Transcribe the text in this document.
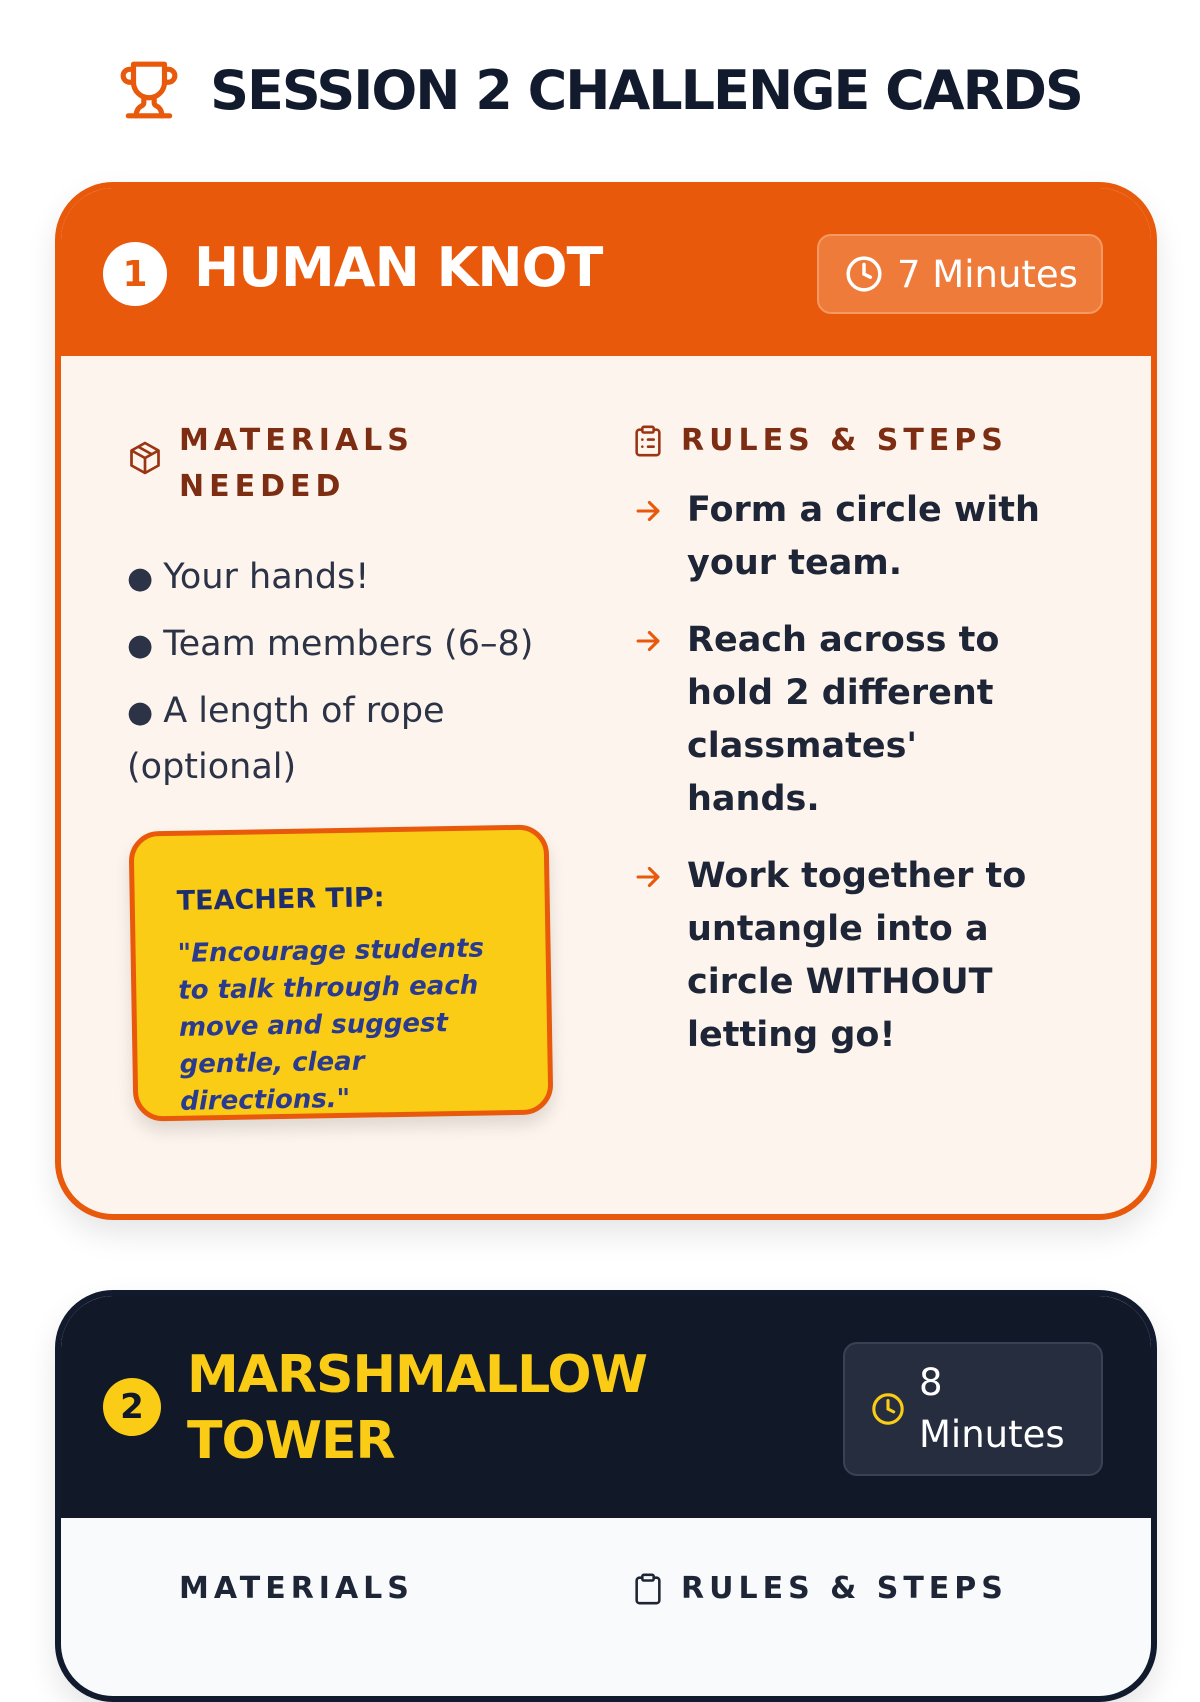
SESSION 2 CHALLENGE CARDS
1 HUMAN KNOT	7 Minutes
MATERIALS NEEDED
● Your hands!
● Team members (6–8)
● A length of rope (optional)
TEACHER TIP:
"Encourage students to talk through each move and suggest gentle, clear directions."
RULES & STEPS
Form a circle with your team.
Reach across to hold 2 different classmates' hands.
Work together to untangle into a circle WITHOUT letting go!
2
MARSHMALLOW TOWER
8 Minutes
MATERIALS	RULES & STEPS
